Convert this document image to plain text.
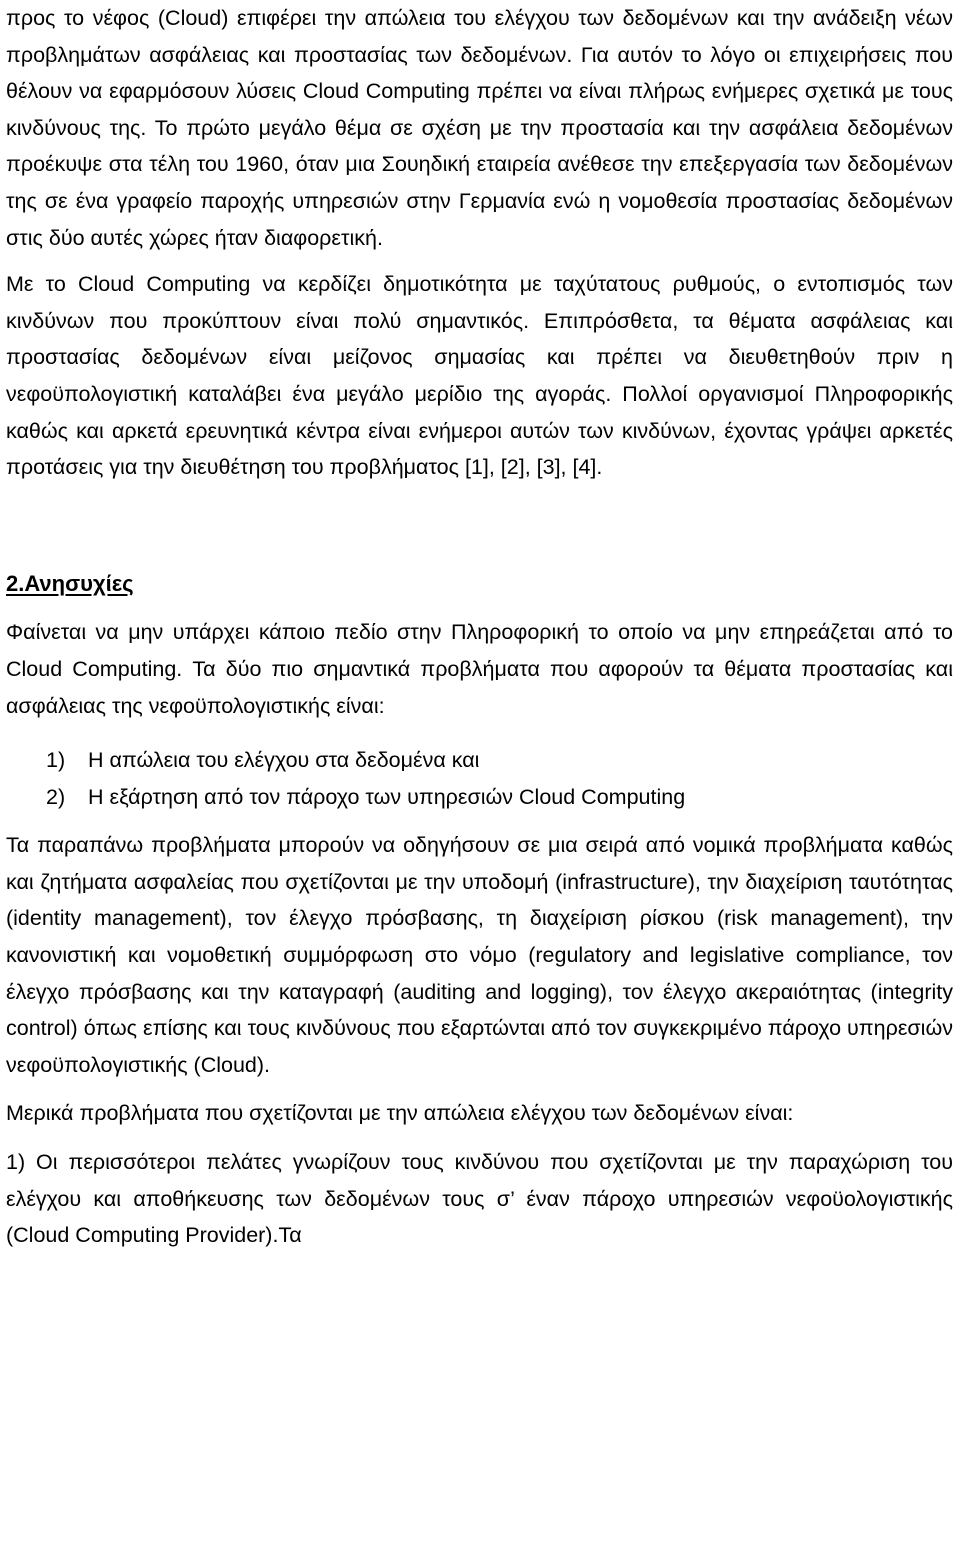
προς το νέφος (Cloud) επιφέρει την απώλεια του ελέγχου των δεδομένων και την ανάδειξη νέων προβλημάτων ασφάλειας και προστασίας των δεδομένων. Για αυτόν το λόγο οι επιχειρήσεις που θέλουν να εφαρμόσουν λύσεις Cloud Computing πρέπει να είναι πλήρως ενήμερες σχετικά με τους κινδύνους της. Το πρώτο μεγάλο θέμα σε σχέση με την προστασία και την ασφάλεια δεδομένων προέκυψε στα τέλη του 1960, όταν μια Σουηδική εταιρεία ανέθεσε την επεξεργασία των δεδομένων της σε ένα γραφείο παροχής υπηρεσιών στην Γερμανία ενώ η νομοθεσία προστασίας δεδομένων στις δύο αυτές χώρες ήταν διαφορετική.

Με το Cloud Computing να κερδίζει δημοτικότητα με ταχύτατους ρυθμούς, ο εντοπισμός των κινδύνων που προκύπτουν είναι πολύ σημαντικός. Επιπρόσθετα, τα θέματα ασφάλειας και προστασίας δεδομένων είναι μείζονος σημασίας και πρέπει να διευθετηθούν πριν η νεφοϋπολογιστική καταλάβει ένα μεγάλο μερίδιο της αγοράς. Πολλοί οργανισμοί Πληροφορικής καθώς και αρκετά ερευνητικά κέντρα είναι ενήμεροι αυτών των κινδύνων, έχοντας γράψει αρκετές προτάσεις για την διευθέτηση του προβλήματος [1], [2], [3], [4].

2.Ανησυχίες

Φαίνεται να μην υπάρχει κάποιο πεδίο στην Πληροφορική το οποίο να μην επηρεάζεται από το Cloud Computing. Τα δύο πιο σημαντικά προβλήματα που αφορούν τα θέματα προστασίας και ασφάλειας της νεφοϋπολογιστικής είναι:

1)	Η απώλεια του ελέγχου στα δεδομένα και
2)	Η εξάρτηση από τον πάροχο των υπηρεσιών Cloud Computing

Τα παραπάνω προβλήματα μπορούν να οδηγήσουν σε μια σειρά από νομικά προβλήματα καθώς και ζητήματα ασφαλείας που σχετίζονται με την υποδομή (infrastructure), την διαχείριση ταυτότητας (identity management), τον έλεγχο πρόσβασης, τη διαχείριση ρίσκου (risk management), την κανονιστική και νομοθετική συμμόρφωση στο νόμο (regulatory and legislative compliance, τον έλεγχο πρόσβασης και την καταγραφή (auditing and logging), τον έλεγχο ακεραιότητας (integrity control) όπως επίσης και τους κινδύνους που εξαρτώνται από τον συγκεκριμένο πάροχο υπηρεσιών νεφοϋπολογιστικής (Cloud).

Μερικά προβλήματα που σχετίζονται με την απώλεια ελέγχου των δεδομένων είναι:

1) Οι περισσότεροι πελάτες γνωρίζουν τους κινδύνου που σχετίζονται με την παραχώριση του ελέγχου και αποθήκευσης των δεδομένων τους σ’ έναν πάροχο υπηρεσιών νεφοϋολογιστικής (Cloud Computing Provider).Τα
